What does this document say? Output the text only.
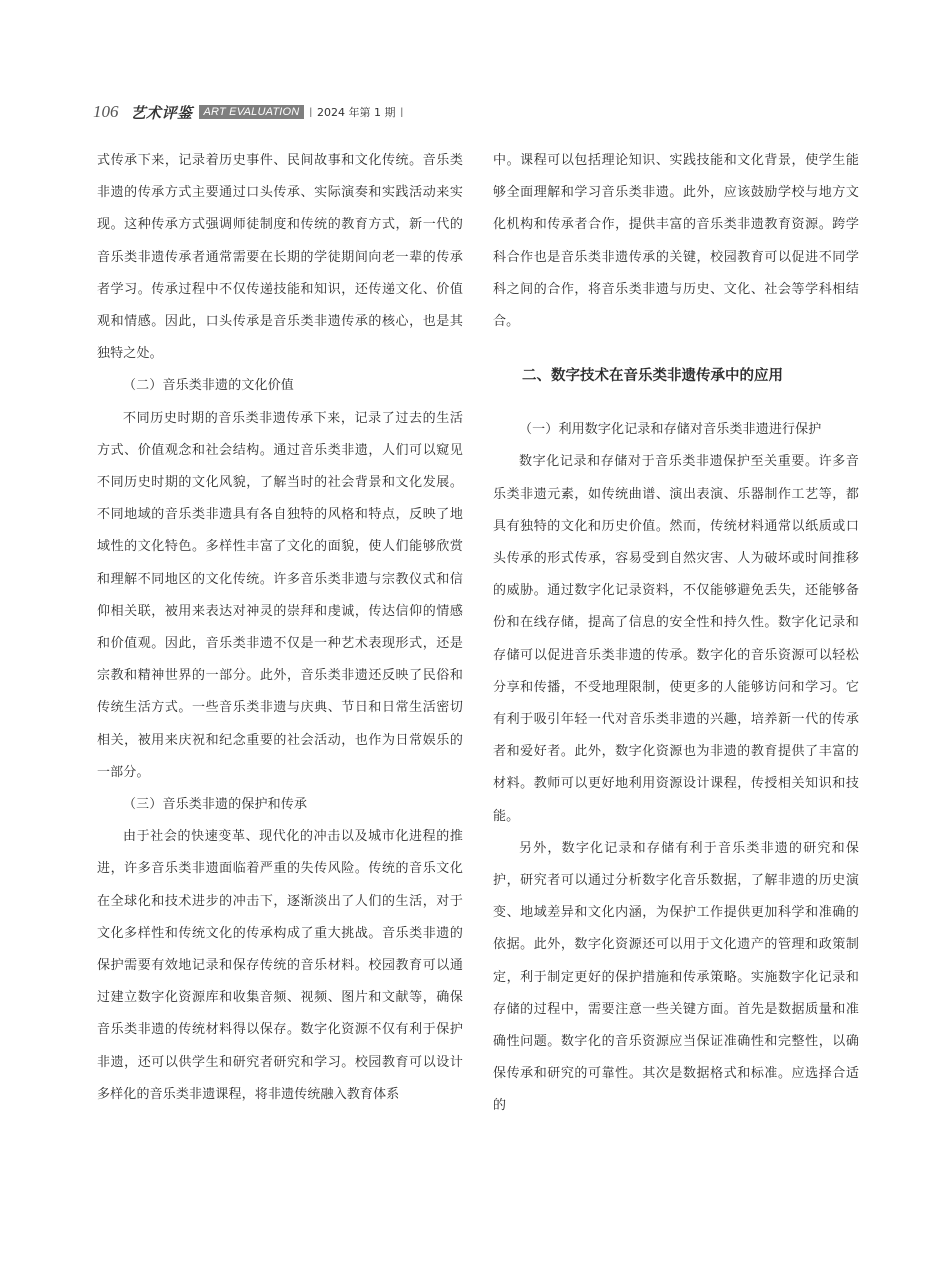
106 艺术评鉴	ART EVALUATION	| 2024 年第 1 期 |

式传承下来，记录着历史事件、民间故事和文化传统。音乐类非遗的传承方式主要通过口头传承、实际演奏和实践活动来实现。这种传承方式强调师徒制度和传统的教育方式，新一代的音乐类非遗传承者通常需要在长期的学徒期间向老一辈的传承者学习。传承过程中不仅传递技能和知识，还传递文化、价值观和情感。因此，口头传承是音乐类非遗传承的核心，也是其独特之处。

（二）音乐类非遗的文化价值

不同历史时期的音乐类非遗传承下来，记录了过去的生活方式、价值观念和社会结构。通过音乐类非遗，人们可以窥见不同历史时期的文化风貌，了解当时的社会背景和文化发展。不同地域的音乐类非遗具有各自独特的风格和特点，反映了地域性的文化特色。多样性丰富了文化的面貌，使人们能够欣赏和理解不同地区的文化传统。许多音乐类非遗与宗教仪式和信仰相关联，被用来表达对神灵的崇拜和虔诚，传达信仰的情感和价值观。因此，音乐类非遗不仅是一种艺术表现形式，还是宗教和精神世界的一部分。此外，音乐类非遗还反映了民俗和传统生活方式。一些音乐类非遗与庆典、节日和日常生活密切相关，被用来庆祝和纪念重要的社会活动，也作为日常娱乐的一部分。

（三）音乐类非遗的保护和传承

由于社会的快速变革、现代化的冲击以及城市化进程的推进，许多音乐类非遗面临着严重的失传风险。传统的音乐文化在全球化和技术进步的冲击下，逐渐淡出了人们的生活，对于文化多样性和传统文化的传承构成了重大挑战。音乐类非遗的保护需要有效地记录和保存传统的音乐材料。校园教育可以通过建立数字化资源库和收集音频、视频、图片和文献等，确保音乐类非遗的传统材料得以保存。数字化资源不仅有利于保护非遗，还可以供学生和研究者研究和学习。校园教育可以设计多样化的音乐类非遗课程，将非遗传统融入教育体系

中。课程可以包括理论知识、实践技能和文化背景，使学生能够全面理解和学习音乐类非遗。此外，应该鼓励学校与地方文化机构和传承者合作，提供丰富的音乐类非遗教育资源。跨学科合作也是音乐类非遗传承的关键，校园教育可以促进不同学科之间的合作，将音乐类非遗与历史、文化、社会等学科相结合。

二、数字技术在音乐类非遗传承中的应用

（一）利用数字化记录和存储对音乐类非遗进行保护

数字化记录和存储对于音乐类非遗保护至关重要。许多音乐类非遗元素，如传统曲谱、演出表演、乐器制作工艺等，都具有独特的文化和历史价值。然而，传统材料通常以纸质或口头传承的形式传承，容易受到自然灾害、人为破坏或时间推移的威胁。通过数字化记录资料，不仅能够避免丢失，还能够备份和在线存储，提高了信息的安全性和持久性。数字化记录和存储可以促进音乐类非遗的传承。数字化的音乐资源可以轻松分享和传播，不受地理限制，使更多的人能够访问和学习。它有利于吸引年轻一代对音乐类非遗的兴趣，培养新一代的传承者和爱好者。此外，数字化资源也为非遗的教育提供了丰富的材料。教师可以更好地利用资源设计课程，传授相关知识和技能。

另外，数字化记录和存储有利于音乐类非遗的研究和保护，研究者可以通过分析数字化音乐数据，了解非遗的历史演变、地域差异和文化内涵，为保护工作提供更加科学和准确的依据。此外，数字化资源还可以用于文化遗产的管理和政策制定，利于制定更好的保护措施和传承策略。实施数字化记录和存储的过程中，需要注意一些关键方面。首先是数据质量和准确性问题。数字化的音乐资源应当保证准确性和完整性，以确保传承和研究的可靠性。其次是数据格式和标准。应选择合适的
